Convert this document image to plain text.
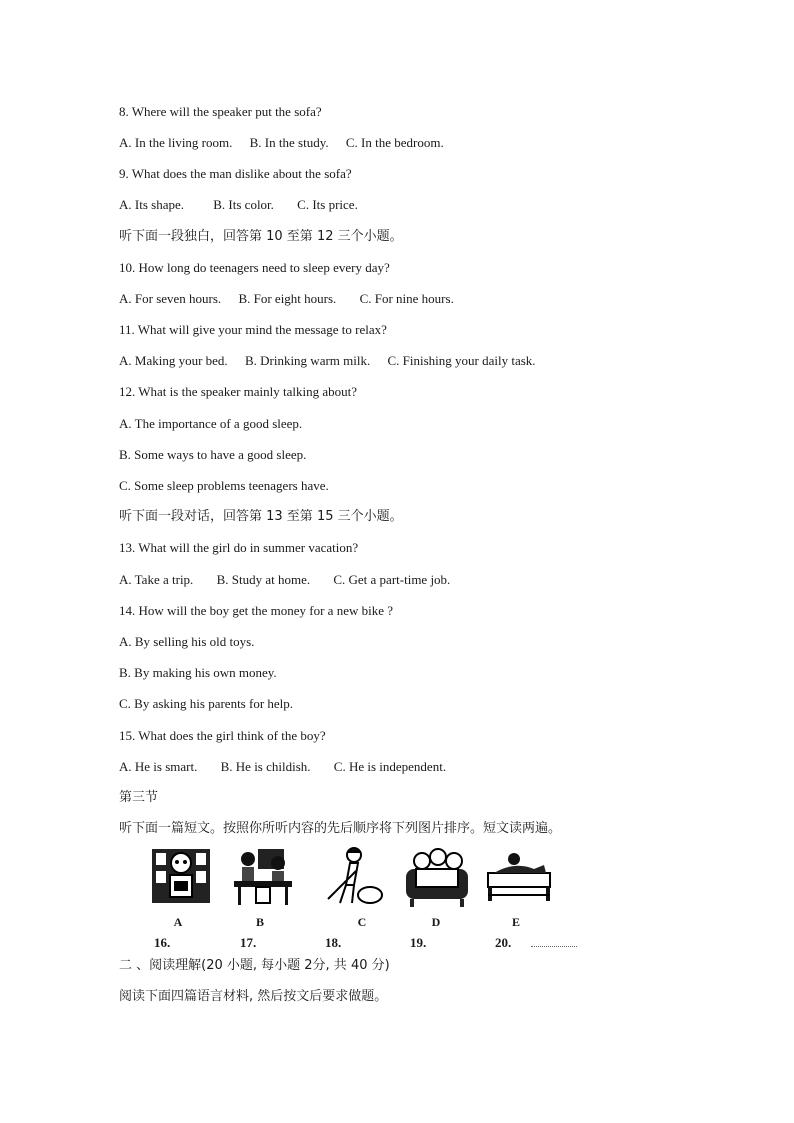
8. Where will the speaker put the sofa?
A. In the living room. B. In the study. C. In the bedroom.
9. What does the man dislike about the sofa?
A. Its shape. B. Its color. C. Its price.
听下面一段独白，回答第 10 至第 12 三个小题。
10. How long do teenagers need to sleep every day?
A. For seven hours. B. For eight hours. C. For nine hours.
11. What will give your mind the message to relax?
A. Making your bed. B. Drinking warm milk. C. Finishing your daily task.
12. What is the speaker mainly talking about?
A. The importance of a good sleep.
B. Some ways to have a good sleep.
C. Some sleep problems teenagers have.
听下面一段对话，回答第 13 至第 15 三个小题。
13. What will the girl do in summer vacation?
A. Take a trip. B. Study at home. C. Get a part-time job.
14. How will the boy get the money for a new bike ?
A. By selling his old toys.
B. By making his own money.
C. By asking his parents for help.
15. What does the girl think of the boy?
A. He is smart. B. He is childish. C. He is independent.
第三节
听下面一篇短文。按照你所听内容的先后顺序将下列图片排序。短文读两遍。
A	B	C	D	E
16.	17.	18.	19.	20.
二 、阅读理解(20 小题, 每小题 2分, 共 40 分)
阅读下面四篇语言材料, 然后按文后要求做题。
